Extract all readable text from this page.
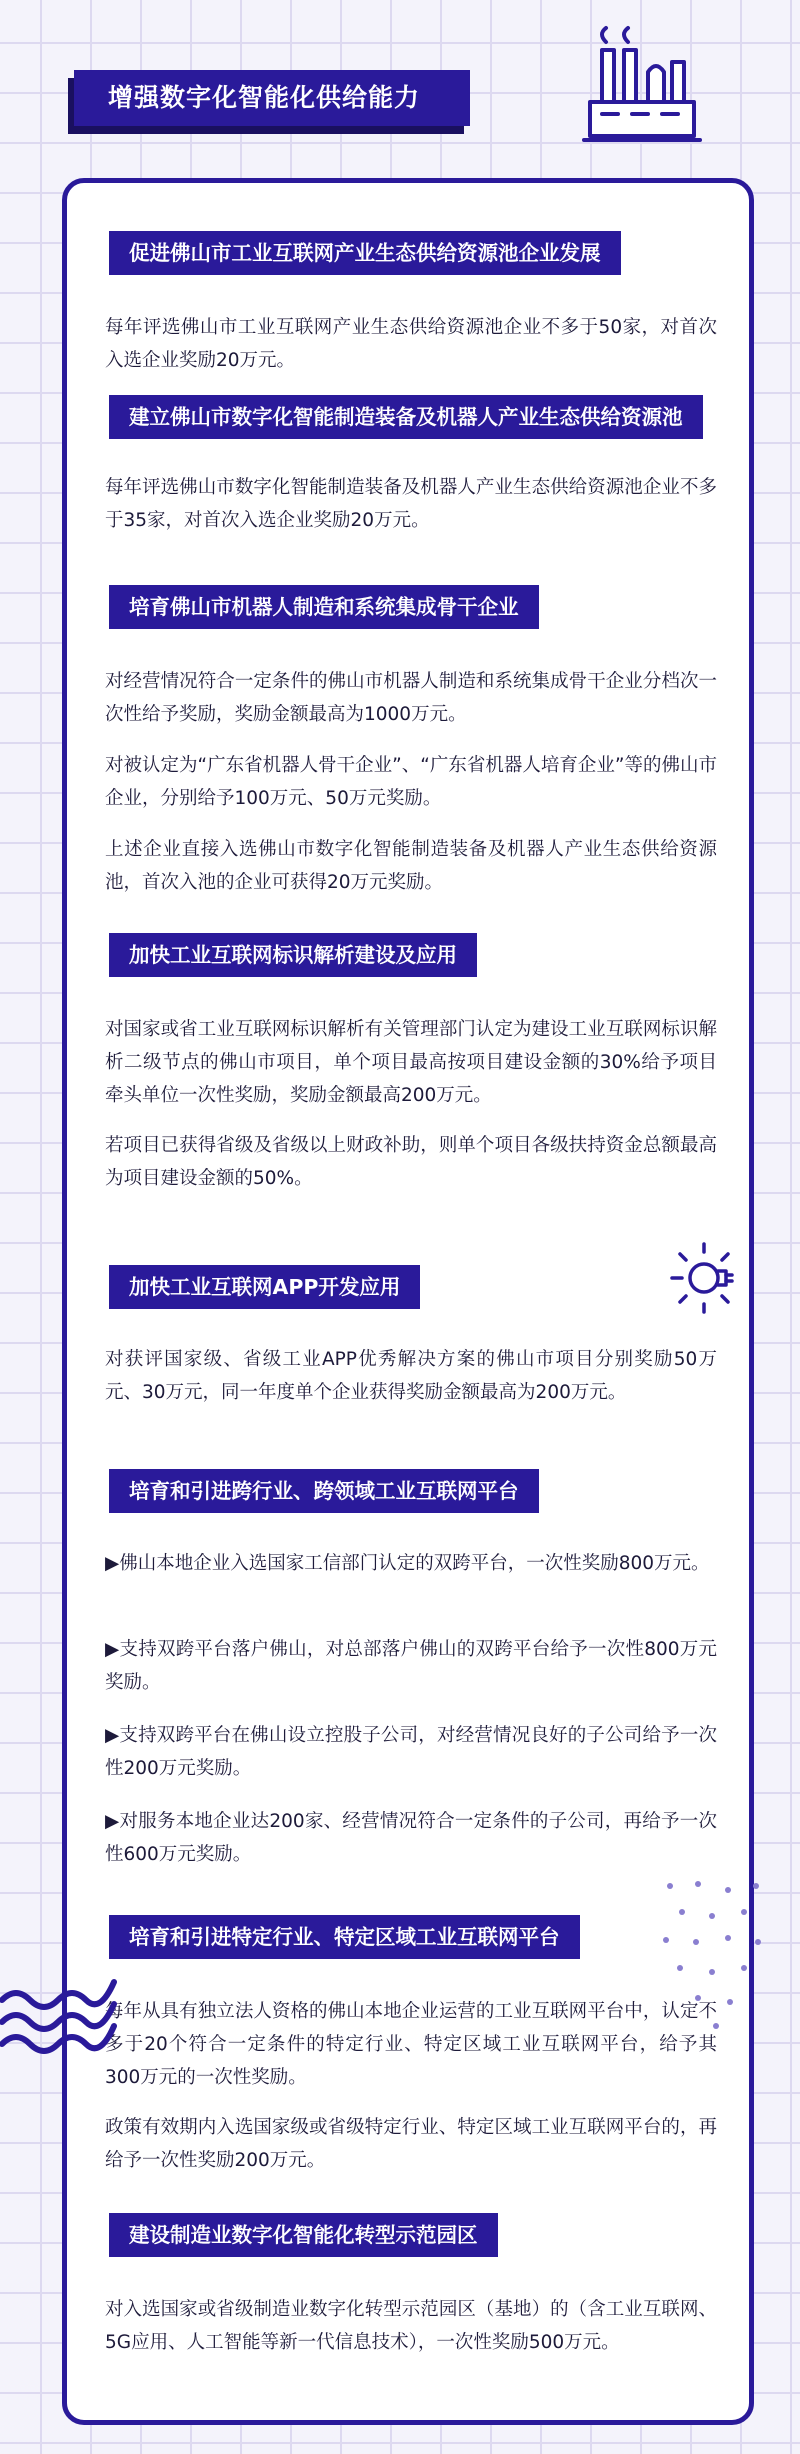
增强数字化智能化供给能力
促进佛山市工业互联网产业生态供给资源池企业发展

每年评选佛山市工业互联网产业生态供给资源池企业不多于50家，对首次入选企业奖励20万元。

建立佛山市数字化智能制造装备及机器人产业生态供给资源池

每年评选佛山市数字化智能制造装备及机器人产业生态供给资源池企业不多于35家，对首次入选企业奖励20万元。

培育佛山市机器人制造和系统集成骨干企业

对经营情况符合一定条件的佛山市机器人制造和系统集成骨干企业分档次一次性给予奖励，奖励金额最高为1000万元。

对被认定为“广东省机器人骨干企业”、“广东省机器人培育企业”等的佛山市企业，分别给予100万元、50万元奖励。

上述企业直接入选佛山市数字化智能制造装备及机器人产业生态供给资源池，首次入池的企业可获得20万元奖励。

加快工业互联网标识解析建设及应用

对国家或省工业互联网标识解析有关管理部门认定为建设工业互联网标识解析二级节点的佛山市项目，单个项目最高按项目建设金额的30%给予项目牵头单位一次性奖励，奖励金额最高200万元。

若项目已获得省级及省级以上财政补助，则单个项目各级扶持资金总额最高为项目建设金额的50%。

加快工业互联网APP开发应用

对获评国家级、省级工业APP优秀解决方案的佛山市项目分别奖励50万元、30万元，同一年度单个企业获得奖励金额最高为200万元。

培育和引进跨行业、跨领域工业互联网平台

▶佛山本地企业入选国家工信部门认定的双跨平台，一次性奖励800万元。

▶支持双跨平台落户佛山，对总部落户佛山的双跨平台给予一次性800万元奖励。

▶支持双跨平台在佛山设立控股子公司，对经营情况良好的子公司给予一次性200万元奖励。

▶对服务本地企业达200家、经营情况符合一定条件的子公司，再给予一次性600万元奖励。

培育和引进特定行业、特定区域工业互联网平台

每年从具有独立法人资格的佛山本地企业运营的工业互联网平台中，认定不多于20个符合一定条件的特定行业、特定区域工业互联网平台，给予其300万元的一次性奖励。

政策有效期内入选国家级或省级特定行业、特定区域工业互联网平台的，再给予一次性奖励200万元。

建设制造业数字化智能化转型示范园区

对入选国家或省级制造业数字化转型示范园区（基地）的（含工业互联网、5G应用、人工智能等新一代信息技术），一次性奖励500万元。
